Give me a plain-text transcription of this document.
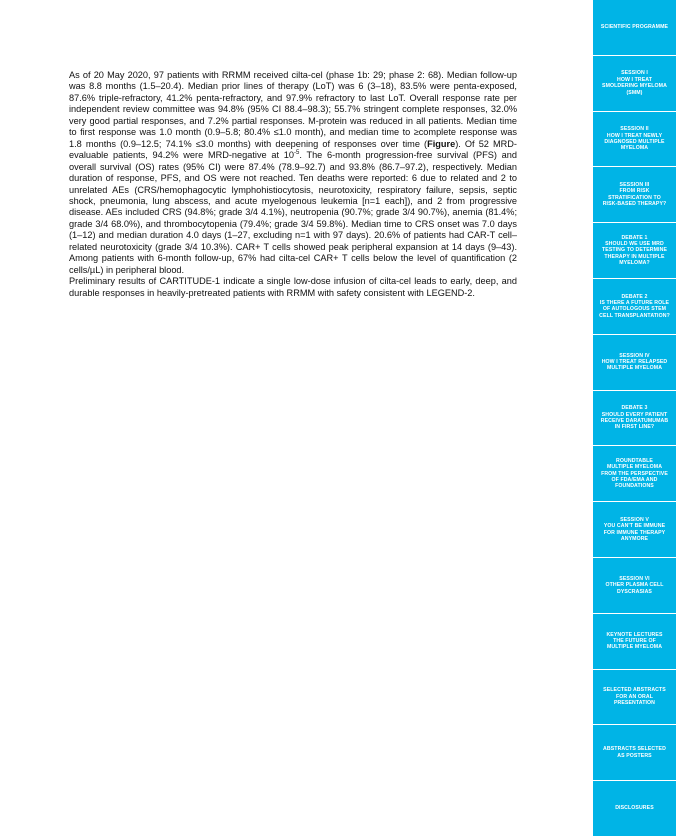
As of 20 May 2020, 97 patients with RRMM received cilta-cel (phase 1b: 29; phase 2: 68). Median follow-up was 8.8 months (1.5–20.4). Median prior lines of therapy (LoT) was 6 (3–18), 83.5% were penta-exposed, 87.6% triple-refractory, 41.2% penta-refractory, and 97.9% refractory to last LoT. Overall response rate per independent review committee was 94.8% (95% CI 88.4–98.3); 55.7% stringent complete responses, 32.0% very good partial responses, and 7.2% partial responses. M-protein was reduced in all patients. Median time to first response was 1.0 month (0.9–5.8; 80.4% ≤1.0 month), and median time to ≥complete response was 1.8 months (0.9–12.5; 74.1% ≤3.0 months) with deepening of responses over time (Figure). Of 52 MRD-evaluable patients, 94.2% were MRD-negative at $10^{-5}$. The 6-month progression-free survival (PFS) and overall survival (OS) rates (95% CI) were 87.4% (78.9–92.7) and 93.8% (86.7–97.2), respectively. Median duration of response, PFS, and OS were not reached. Ten deaths were reported: 6 due to related and 2 to unrelated AEs (CRS/hemophagocytic lymphohistiocytosis, neurotoxicity, respiratory failure, sepsis, septic shock, pneumonia, lung abscess, and acute myelogenous leukemia [n=1 each]), and 2 from progressive disease. AEs included CRS (94.8%; grade 3/4 4.1%), neutropenia (90.7%; grade 3/4 90.7%), anemia (81.4%; grade 3/4 68.0%), and thrombocytopenia (79.4%; grade 3/4 59.8%). Median time to CRS onset was 7.0 days (1–12) and median duration 4.0 days (1–27, excluding n=1 with 97 days). 20.6% of patients had CAR-T cell–related neurotoxicity (grade 3/4 10.3%). CAR+ T cells showed peak peripheral expansion at 14 days (9–43). Among patients with 6-month follow-up, 67% had cilta-cel CAR+ T cells below the level of quantification (2 cells/µL) in peripheral blood.

Preliminary results of CARTITUDE-1 indicate a single low-dose infusion of cilta-cel leads to early, deep, and durable responses in heavily-pretreated patients with RRMM with safety consistent with LEGEND-2.

SCIENTIFIC PROGRAMME
SESSION I
HOW I TREAT
SMOLDERING MYELOMA
(SMM)
SESSION II
HOW I TREAT NEWLY
DIAGNOSED MULTIPLE
MYELOMA
SESSION III
FROM RISK
STRATIFICATION TO
RISK-BASED THERAPY?
DEBATE 1
SHOULD WE USE MRD
TESTING TO DETERMINE
THERAPY IN MULTIPLE
MYELOMA?
DEBATE 2
IS THERE A FUTURE ROLE
OF AUTOLOGOUS STEM
CELL TRANSPLANTATION?
SESSION IV
HOW I TREAT RELAPSED
MULTIPLE MYELOMA
DEBATE 3
SHOULD EVERY PATIENT
RECEIVE DARATUMUMAB
IN FIRST LINE?
ROUNDTABLE
MULTIPLE MYELOMA
FROM THE PERSPECTIVE
OF FDA/EMA AND
FOUNDATIONS
SESSION V
YOU CAN'T BE IMMUNE
FOR IMMUNE THERAPY
ANYMORE
SESSION VI
OTHER PLASMA CELL
DYSCRASIAS
KEYNOTE LECTURES
THE FUTURE OF
MULTIPLE MYELOMA
SELECTED ABSTRACTS
FOR AN ORAL
PRESENTATION
ABSTRACTS SELECTED
AS POSTERS
DISCLOSURES
